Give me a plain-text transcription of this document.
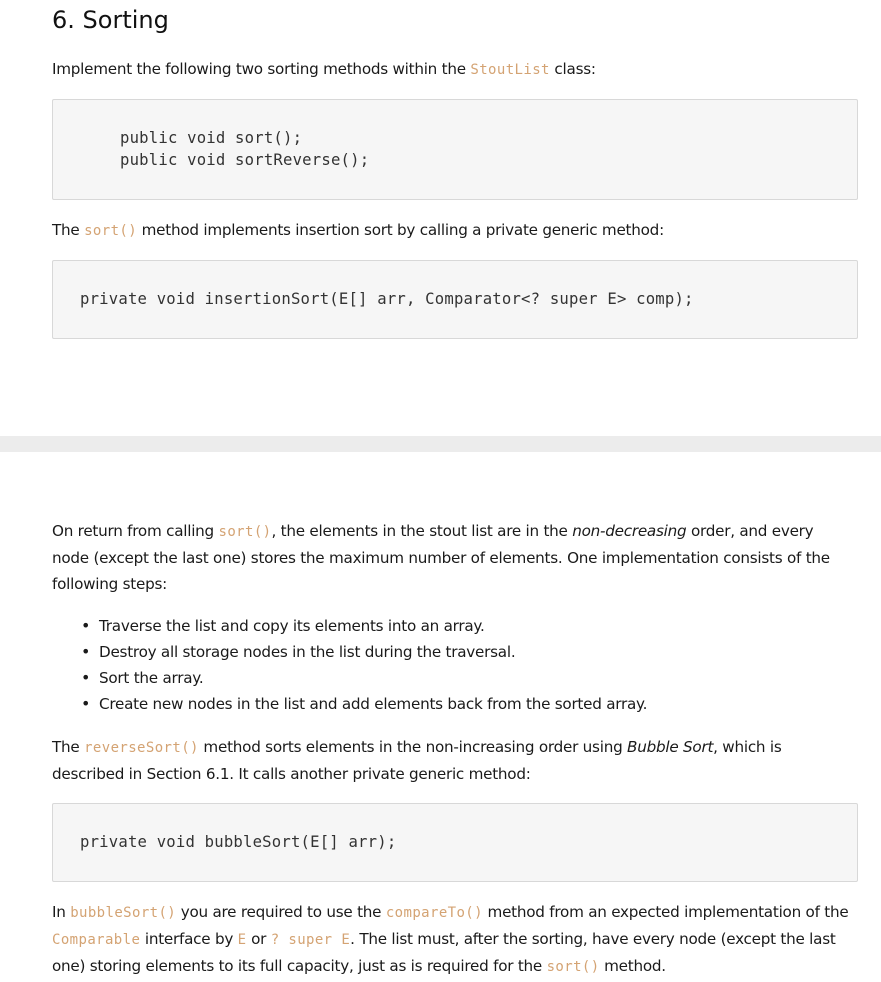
6. Sorting

Implement the following two sorting methods within the StoutList class:

public void sort();
public void sortReverse();

The sort() method implements insertion sort by calling a private generic method:

private void insertionSort(E[] arr, Comparator<? super E> comp);

On return from calling sort(), the elements in the stout list are in the non-decreasing order, and every node (except the last one) stores the maximum number of elements. One implementation consists of the following steps:

• Traverse the list and copy its elements into an array.
• Destroy all storage nodes in the list during the traversal.
• Sort the array.
• Create new nodes in the list and add elements back from the sorted array.

The reverseSort() method sorts elements in the non-increasing order using Bubble Sort, which is described in Section 6.1. It calls another private generic method:

private void bubbleSort(E[] arr);

In bubbleSort() you are required to use the compareTo() method from an expected implementation of the Comparable interface by E or ? super E. The list must, after the sorting, have every node (except the last one) storing elements to its full capacity, just as is required for the sort() method.
